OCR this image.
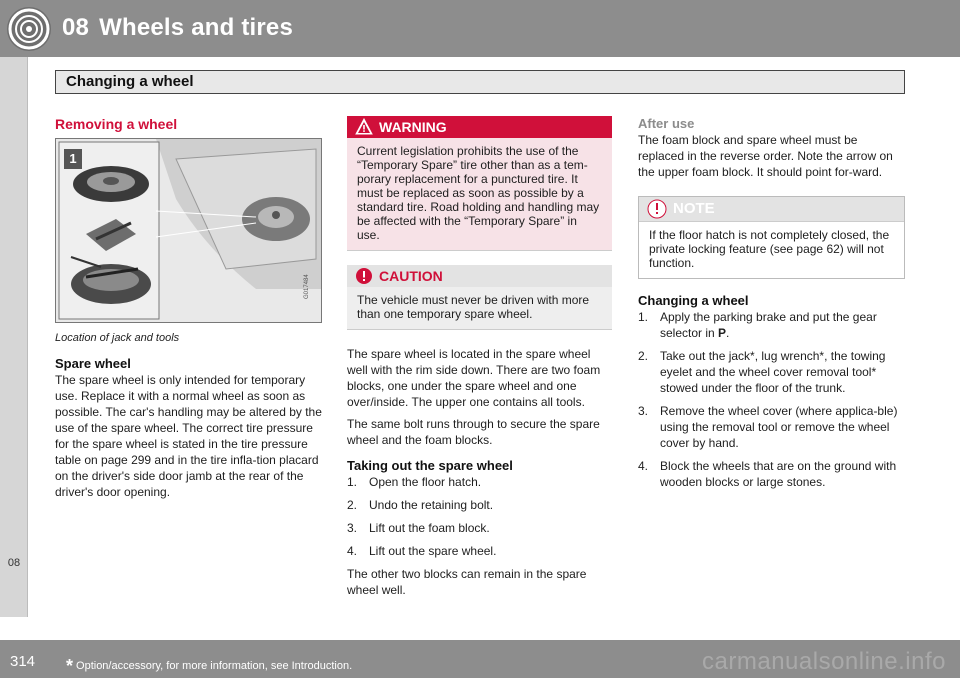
08 Wheels and tires
Changing a wheel
08
Removing a wheel
G017484
1
Location of jack and tools
Spare wheel

The spare wheel is only intended for temporary use. Replace it with a normal wheel as soon as possible. The car's handling may be altered by the use of the spare wheel. The correct tire pressure for the spare wheel is stated in the tire pressure table on page 299 and in the tire infla-tion placard on the driver's side door jamb at the rear of the driver's door opening.

WARNING
Current legislation prohibits the use of the “Temporary Spare” tire other than as a tem-porary replacement for a punctured tire. It must be replaced as soon as possible by a standard tire. Road holding and handling may be affected with the “Temporary Spare” in use.
CAUTION
The vehicle must never be driven with more than one temporary spare wheel.

The spare wheel is located in the spare wheel well with the rim side down. There are two foam blocks, one under the spare wheel and one over/inside. The upper one contains all tools.

The same bolt runs through to secure the spare wheel and the foam blocks.

Taking out the spare wheel
1. Open the floor hatch.
2. Undo the retaining bolt.
3. Lift out the foam block.
4. Lift out the spare wheel.

The other two blocks can remain in the spare wheel well.

After use

The foam block and spare wheel must be replaced in the reverse order. Note the arrow on the upper foam block. It should point for-ward.

NOTE
If the floor hatch is not completely closed, the private locking feature (see page 62) will not function.
Changing a wheel
1. Apply the parking brake and put the gear selector in P.
2. Take out the jack*, lug wrench*, the towing eyelet and the wheel cover removal tool* stowed under the floor of the trunk.
3. Remove the wheel cover (where applica-ble) using the removal tool or remove the wheel cover by hand.
4. Block the wheels that are on the ground with wooden blocks or large stones.
314 * Option/accessory, for more information, see Introduction.	carmanualsonline.info
